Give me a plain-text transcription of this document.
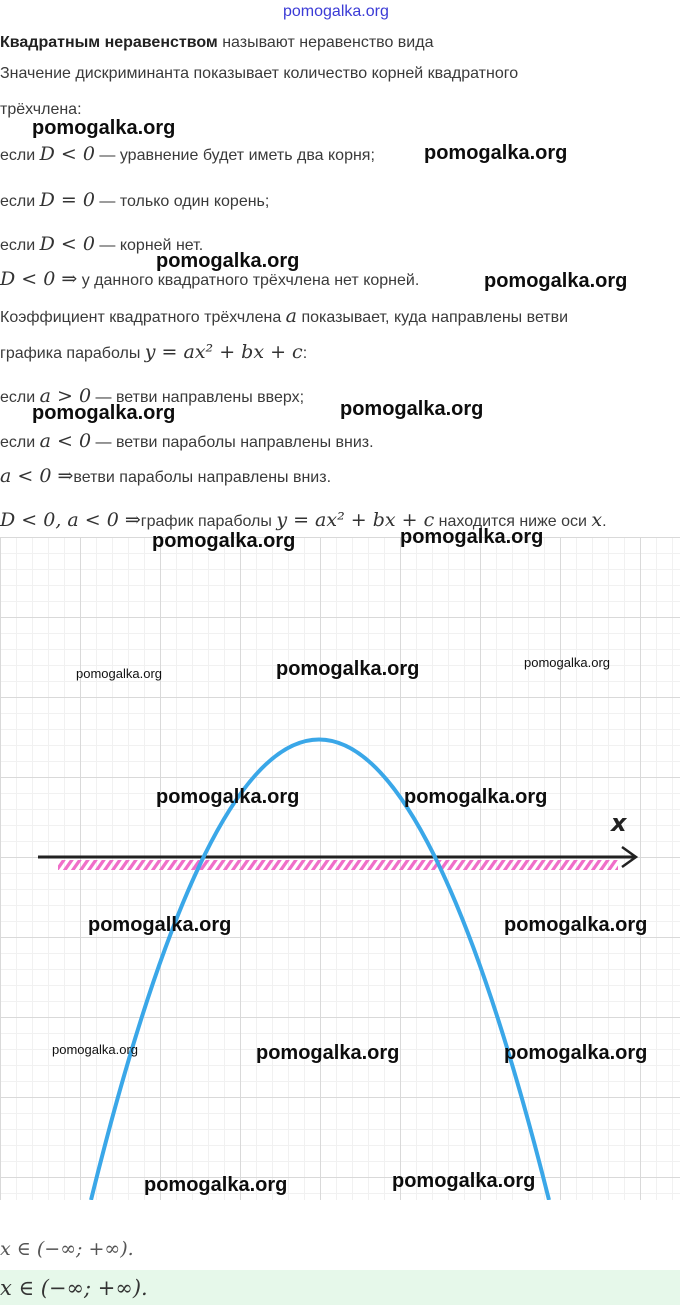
pomogalka.org
Квадратным неравенством называют неравенство вида
Значение дискриминанта показывает количество корней квадратного
трёхчлена:
если D < 0 — уравнение будет иметь два корня;
если D = 0 — только один корень;
если D < 0 — корней нет.
D < 0 ⇒ у данного квадратного трёхчлена нет корней.
Коэффициент квадратного трёхчлена a показывает, куда направлены ветви
графика параболы y = ax² + bx + c:
если a > 0 — ветви направлены вверх;
если a < 0 — ветви параболы направлены вниз.
a < 0 ⇒ветви параболы направлены вниз.
D < 0, a < 0 ⇒график параболы y = ax² + bx + c находится ниже оси x.
x
pomogalka.org
pomogalka.org
pomogalka.org
pomogalka.org
pomogalka.org	pomogalka.org
pomogalka.org	pomogalka.org
pomogalka.org	pomogalka.org	pomogalka.org
pomogalka.org	pomogalka.org
pomogalka.org	pomogalka.org
pomogalka.org	pomogalka.org	pomogalka.org
pomogalka.org	pomogalka.org
x ∈ (−∞; +∞).
x ∈ (−∞; +∞).
